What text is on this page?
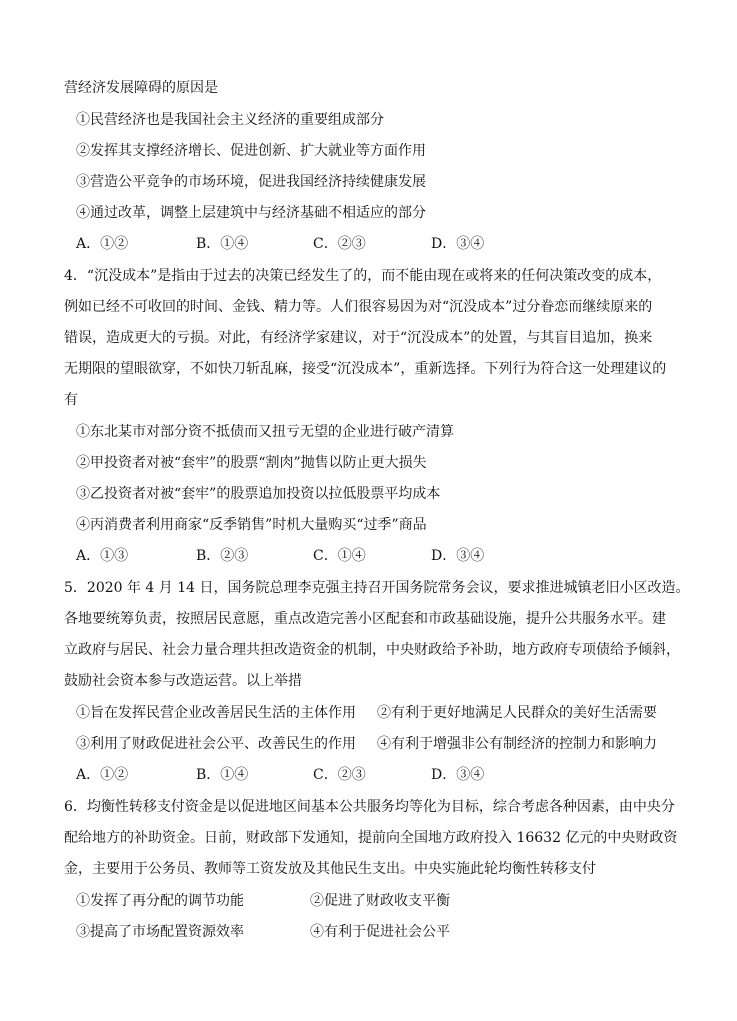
营经济发展障碍的原因是
①民营经济也是我国社会主义经济的重要组成部分
②发挥其支撑经济增长、促进创新、扩大就业等方面作用
③营造公平竞争的市场环境，促进我国经济持续健康发展
④通过改革，调整上层建筑中与经济基础不相适应的部分
A．①②	B．①④	C．②③	D．③④
4．“沉没成本”是指由于过去的决策已经发生了的，而不能由现在或将来的任何决策改变的成本，
例如已经不可收回的时间、金钱、精力等。人们很容易因为对“沉没成本”过分眷恋而继续原来的
错误，造成更大的亏损。对此，有经济学家建议，对于“沉没成本”的处置，与其盲目追加，换来
无期限的望眼欲穿，不如快刀斩乱麻，接受“沉没成本”，重新选择。下列行为符合这一处理建议的
有
①东北某市对部分资不抵债而又扭亏无望的企业进行破产清算
②甲投资者对被“套牢”的股票“割肉”抛售以防止更大损失
③乙投资者对被“套牢”的股票追加投资以拉低股票平均成本
④丙消费者利用商家“反季销售”时机大量购买“过季”商品
A．①③	B．②③	C．①④	D．③④
5．2020 年 4 月 14 日，国务院总理李克强主持召开国务院常务会议，要求推进城镇老旧小区改造。
各地要统筹负责，按照居民意愿，重点改造完善小区配套和市政基础设施，提升公共服务水平。建
立政府与居民、社会力量合理共担改造资金的机制，中央财政给予补助，地方政府专项债给予倾斜，
鼓励社会资本参与改造运营。以上举措
①旨在发挥民营企业改善居民生活的主体作用 ②有利于更好地满足人民群众的美好生活需要
③利用了财政促进社会公平、改善民生的作用 ④有利于增强非公有制经济的控制力和影响力
A．①②	B．①④	C．②③	D．③④
6．均衡性转移支付资金是以促进地区间基本公共服务均等化为目标，综合考虑各种因素，由中央分
配给地方的补助资金。日前，财政部下发通知，提前向全国地方政府投入 16632 亿元的中央财政资
金，主要用于公务员、教师等工资发放及其他民生支出。中央实施此轮均衡性转移支付
①发挥了再分配的调节功能	②促进了财政收支平衡
③提高了市场配置资源效率	④有利于促进社会公平
